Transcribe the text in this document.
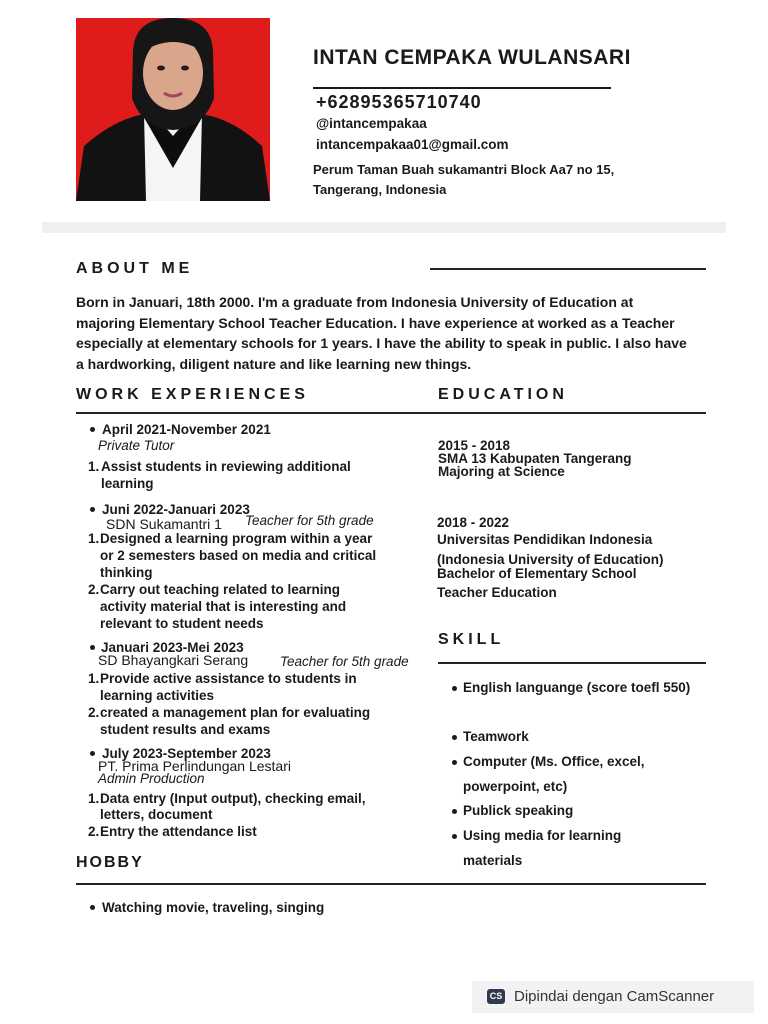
INTAN CEMPAKA WULANSARI
+62895365710740
@intancempakaa
intancempakaa01@gmail.com
Perum Taman Buah sukamantri Block Aa7 no 15,
Tangerang, Indonesia
ABOUT ME
Born in Januari, 18th 2000. I'm a graduate from Indonesia University of Education at majoring Elementary School Teacher Education. I have experience at worked as a Teacher especially at elementary schools for 1 years. I have the ability to speak in public. I also have a hardworking, diligent nature and like learning new things.
WORK EXPERIENCES	EDUCATION
April 2021-November 2021
Private Tutor
1. Assist students in reviewing additional
learning
Juni 2022-Januari 2023
SDN Sukamantri 1 Teacher for 5th grade
1. Designed a learning program within a year
or 2 semesters based on media and critical
thinking
2. Carry out teaching related to learning
activity material that is interesting and
relevant to student needs
Januari 2023-Mei 2023
SD Bhayangkari Serang Teacher for 5th grade
1. Provide active assistance to students in
learning activities
2. created a management plan for evaluating
student results and exams
July 2023-September 2023
PT. Prima Perlindungan Lestari
Admin Production
1. Data entry (Input output), checking email,
letters, document
2. Entry the attendance list
2015 - 2018
SMA 13 Kabupaten Tangerang
Majoring at Science
2018 - 2022
Universitas Pendidikan Indonesia
(Indonesia University of Education)
Bachelor of Elementary School
Teacher Education
SKILL
English languange (score toefl 550)
Teamwork
Computer (Ms. Office, excel, powerpoint, etc)
Publick speaking
Using media for learning materials
HOBBY
Watching movie, traveling, singing
CS Dipindai dengan CamScanner
